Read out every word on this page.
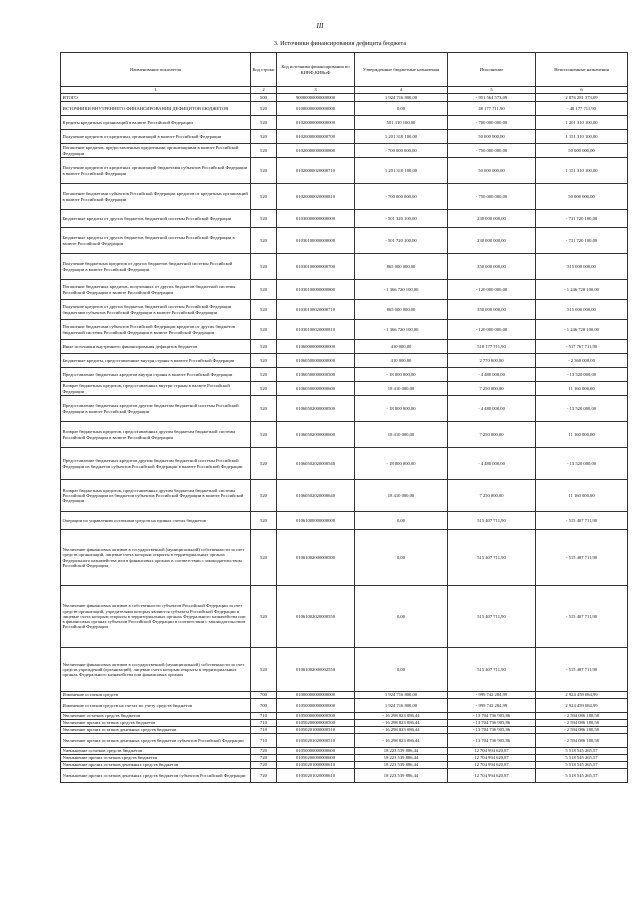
III
3. Источники финансирования дефицита бюджета
Наименование показателя	Код строки	Код источника финансирования по КИВФ,КИВнФ	Утвержденные бюджетные назначения	Исполнение	Неисполненные назначения
1	2	3	4	5	6
ИТОГО	500	90000000000000000	1 924 716 800,00	- 951 564 573,09	2 876 281 373,09
ИСТОЧНИКИ ВНУТРЕННЕГО ФИНАНСИРОВАНИЯ ДЕФИЦИТОВ БЮДЖЕТОВ	520	01000000000000000	0,00	48 177 711,90	- 48 177 711,90
Кредиты кредитных организаций в валюте Российской Федерации	520	01020000000000000	501 310 100,00	- 700 000 000,00	1 201 310 100,00
Получение кредитов от кредитных организаций в валюте Российской Федерации	520	01020000000000700	1 201 310 100,00	50 000 000,00	1 151 310 100,00
Погашение кредитов, предоставленных кредитными организациями в валюте Российской Федерации	520	01020000000000800	- 700 000 000,00	- 750 000 000,00	50 000 000,00
Получение кредитов от кредитных организаций бюджетами субъектов Российской Федерации в валюте Российской Федерации	520	01020000020000710	1 201 310 100,00	50 000 000,00	1 151 310 100,00
Погашение бюджетами субъектов Российской Федерации кредитов от кредитных организаций в валюте Российской Федерации	520	01020000020000810	- 700 000 000,00	- 750 000 000,00	50 000 000,00
Бюджетные кредиты от других бюджетов бюджетной системы Российской Федерации	520	01030000000000000	- 501 320 100,00	230 000 000,00	- 731 720 100,00
Бюджетные кредиты от других бюджетов бюджетной системы Российской Федерации в валюте Российской Федерации	520	01030100000000000	- 501 720 100,00	230 000 000,00	- 731 720 100,00
Получение бюджетных кредитов от других бюджетов бюджетной системы Российской Федерации в валюте Российской Федерации	520	01030100000000700	865 000 000,00	350 000 000,00	515 000 000,00
Погашение бюджетных кредитов, полученных от других бюджетов бюджетной системы Российской Федерации в валюте Российской Федерации	520	01030100000000800	- 1 366 720 100,00	- 120 000 000,00	- 1 246 720 100,00
Получение кредитов от других бюджетов бюджетной системы Российской Федерации бюджетами субъектов Российской Федерации в валюте Российской Федерации	520	01030100020000710	865 000 000,00	350 000 000,00	515 000 000,00
Погашение бюджетами субъектов Российской Федерации кредитов от других бюджетов бюджетной системы Российской Федерации в валюте Российской Федерации	520	01030100020000810	- 1 366 720 100,00	- 120 000 000,00	- 1 246 720 100,00
Иные источники внутреннего финансирования дефицитов бюджетов	520	01060000000000000	410 000,00	518 177 711,90	- 517 767 711,90
Бюджетные кредиты, предоставленные внутри страны в валюте Российской Федерации	520	01060500000000000	410 000,00	2 770 000,00	- 2 360 000,00
Предоставление бюджетных кредитов внутри страны в валюте Российской Федерации	520	01060500000000500	- 18 000 000,00	- 4 480 000,00	- 13 520 000,00
Возврат бюджетных кредитов, предоставленных внутри страны в валюте Российской Федерации	520	01060500000000600	18 410 000,00	7 250 000,00	11 160 000,00
Предоставление бюджетных кредитов другим бюджетам бюджетной системы Российской Федерации в валюте Российской Федерации	520	01060502000000500	- 18 000 000,00	- 4 480 000,00	- 13 520 000,00
Возврат бюджетных кредитов, предоставленных другим бюджетам бюджетной системы Российской Федерации в валюте Российской Федерации	520	01060502000000600	18 410 000,00	7 250 000,00	11 160 000,00
Предоставление бюджетных кредитов другим бюджетам бюджетной системы Российской Федерации из бюджетов субъектов Российской Федерации в валюте Российской Федерации	520	01060502020000540	- 18 000 000,00	- 4 480 000,00	- 13 520 000,00
Возврат бюджетных кредитов, предоставленных другим бюджетам бюджетной системы Российской Федерации из бюджетов субъектов Российской Федерации в валюте Российской Федерации	520	01060502020000640	18 410 000,00	7 250 000,00	11 160 000,00
Операции по управлению остатками средств на единых счетах бюджетов	520	01061000000000000	0,00	515 407 711,90	- 515 407 711,90
Увеличение финансовых активов в государственной (муниципальной) собственности за счет средств организаций, лицевые счета которым открыты в территориальных органах Федерального казначейства или в финансовых органах в соответствии с законодательством Российской Федерации	520	01061002000000500	0,00	515 407 711,90	- 515 407 711,90
Увеличение финансовых активов в собственности субъектов Российской Федерации за счет средств организаций, учредителями которых являются субъекты Российской Федерации и лицевые счета которым открыты в территориальных органах Федерального казначейства или в финансовых органах субъектов Российской Федерации в соответствии с законодательством Российской Федерации	520	01061002020000550	0,00	515 407 711,90	- 515 407 711,90
Увеличение финансовых активов в государственной (муниципальной) собственности за счет средств учреждений (организаций), лицевые счета которым открыты в территориальных органах Федерального казначейства или финансовых органах	520	01061002000002550	0,00	515 407 711,90	- 515 407 711,90
Изменение остатков средств	700	01000000000000000	1 924 716 800,00	- 999 742 284,99	2 924 459 084,99
Изменение остатков средств на счетах по учету средств бюджетов	700	01050000000000000	1 924 716 800,00	- 999 742 284,99	2 924 459 084,99
Увеличение остатков средств бюджетов	710	01050000000000500	- 16 298 823 086,44	- 13 704 736 905,86	- 2 594 086 180,58
Увеличение прочих остатков средств бюджетов	710	01050200000000500	- 16 298 823 086,44	- 13 704 736 905,86	- 2 594 086 180,58
Увеличение прочих остатков денежных средств бюджетов	710	01050201000000510	- 16 298 823 086,44	- 13 704 736 905,86	- 2 594 086 180,58
Увеличение прочих остатков денежных средств бюджетов субъектов Российской Федерации	710	01050201020000510	- 16 298 823 086,44	- 13 704 736 905,86	- 2 594 086 180,58
Уменьшение остатков средств бюджетов	720	01050000000000600	18 223 539 886,44	12 704 994 620,87	5 518 545 265,57
Уменьшение прочих остатков средств бюджетов	720	01050200000000600	18 223 539 886,44	12 704 994 620,87	5 518 545 265,57
Уменьшение прочих остатков денежных средств бюджетов	720	01050201000000610	18 223 539 886,44	12 704 994 620,87	5 518 545 265,57
Уменьшение прочих остатков денежных средств бюджетов субъектов Российской Федерации	720	01050201020000610	18 223 539 886,44	12 704 994 620,87	5 518 545 265,57
